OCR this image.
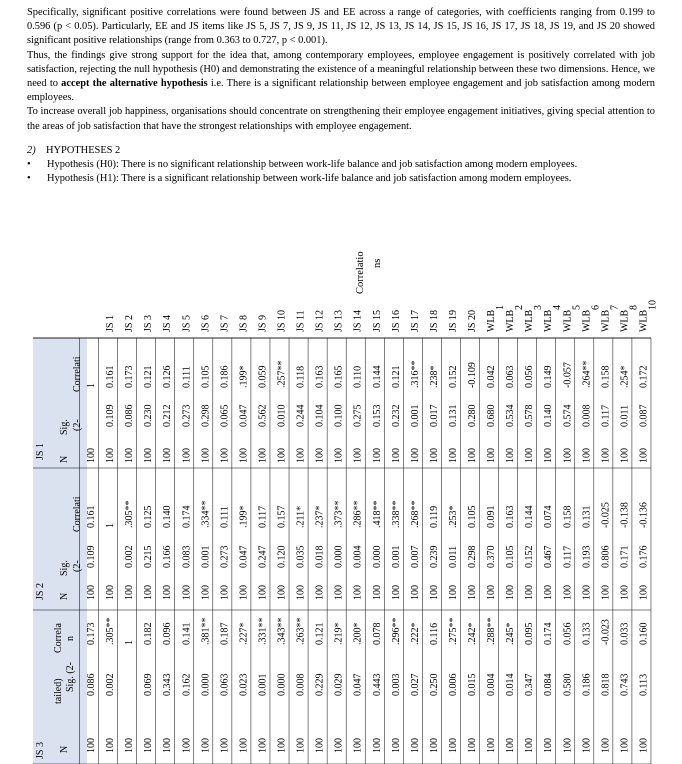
Specifically, significant positive correlations were found between JS and EE across a range of categories, with coefficients ranging from 0.199 to 0.596 (p < 0.05). Particularly, EE and JS items like JS 5, JS 7, JS 9, JS 11, JS 12, JS 13, JS 14, JS 15, JS 16, JS 17, JS 18, JS 19, and JS 20 showed significant positive relationships (range from 0.363 to 0.727, p < 0.001).

Thus, the findings give strong support for the idea that, among contemporary employees, employee engagement is positively correlated with job satisfaction, rejecting the null hypothesis (H0) and demonstrating the existence of a meaningful relationship between these two dimensions. Hence, we need to accept the alternative hypothesis i.e. There is a significant relationship between employee engagement and job satisfaction among modern employees.

To increase overall job happiness, organisations should concentrate on strengthening their employee engagement initiatives, giving special attention to the areas of job satisfaction that have the strongest relationships with employee engagement.

2) HYPOTHESES 2

• Hypothesis (H0): There is no significant relationship between work-life balance and job satisfaction among modern employees.
• Hypothesis (H1): There is a significant relationship between work-life balance and job satisfaction among modern employees.
Correlatio ns
JS 1 JS 2 JS 3 JS 4 JS 5 JS 6 JS 7 JS 8 JS 9 JS 10 JS 11 JS 12 JS 13 JS 14 JS 15 JS 16 JS 17 JS 18 JS 19 JS 20 WLB
1
WLB
2
WLB
3
WLB
4
WLB
5
WLB
6
WLB
7
WLB
8
WLB
10
JS 1
JS 2
JS 3
Correlati
(2-
Sig.
N
Correlati
(2-
Sig.
N
Correla n
tailed) Sig. (2-
N
1 0.161 0.173 0.121 0.126 0.111 0.105 0.186 .199* 0.059 .257** 0.118 0.163 0.165 0.110 0.144 0.121 .316** .238* 0.152 -0.109 0.042 0.063 0.056 0.149 -0.057 .264** 0.158 .254* 0.172
0.109 0.086 0.230 0.212 0.273 0.298 0.065 0.047 0.562 0.010 0.244 0.104 0.100 0.275 0.153 0.232 0.001 0.017 0.131 0.280 0.680 0.534 0.578 0.140 0.574 0.008 0.117 0.011 0.087
100 100 100 100 100 100 100 100 100 100 100 100 100 100 100 100 100 100 100 100 100 100 100 100 100 100 100 100 100 100
0.161 1 .305** 0.125 0.140 0.174 .334** 0.111 .199* 0.117 0.157 .211* .237* .373** .286** .418** .338** .268** 0.119 .253* 0.105 0.091 0.163 0.144 0.074 0.158 0.131 -0.025 -0.138 -0.136
0.109	0.002 0.215 0.166 0.083 0.001 0.273 0.047 0.247 0.120 0.035 0.018 0.000 0.004 0.000 0.001 0.007 0.239 0.011 0.298 0.370 0.105 0.152 0.467 0.117 0.193 0.806 0.171 0.176
100 100 100 100 100 100 100 100 100 100 100 100 100 100 100 100 100 100 100 100 100 100 100 100 100 100 100 100 100 100
0.173 .305** 1 0.182 0.096 0.141 .381** 0.187 .227* .331** .343** .263** 0.121 .219* .200* 0.078 .296** .222* 0.116 .275** .242* .288** .245* 0.095 0.174 0.056 0.133 -0.023 0.033 0.160
0.086 0.002	0.069 0.343 0.162 0.000 0.063 0.023 0.001 0.000 0.008 0.229 0.029 0.047 0.443 0.003 0.027 0.250 0.006 0.015 0.004 0.014 0.347 0.084 0.580 0.186 0.818 0.743 0.113
100 100 100 100 100 100 100 100 100 100 100 100 100 100 100 100 100 100 100 100 100 100 100 100 100 100 100 100 100 100
